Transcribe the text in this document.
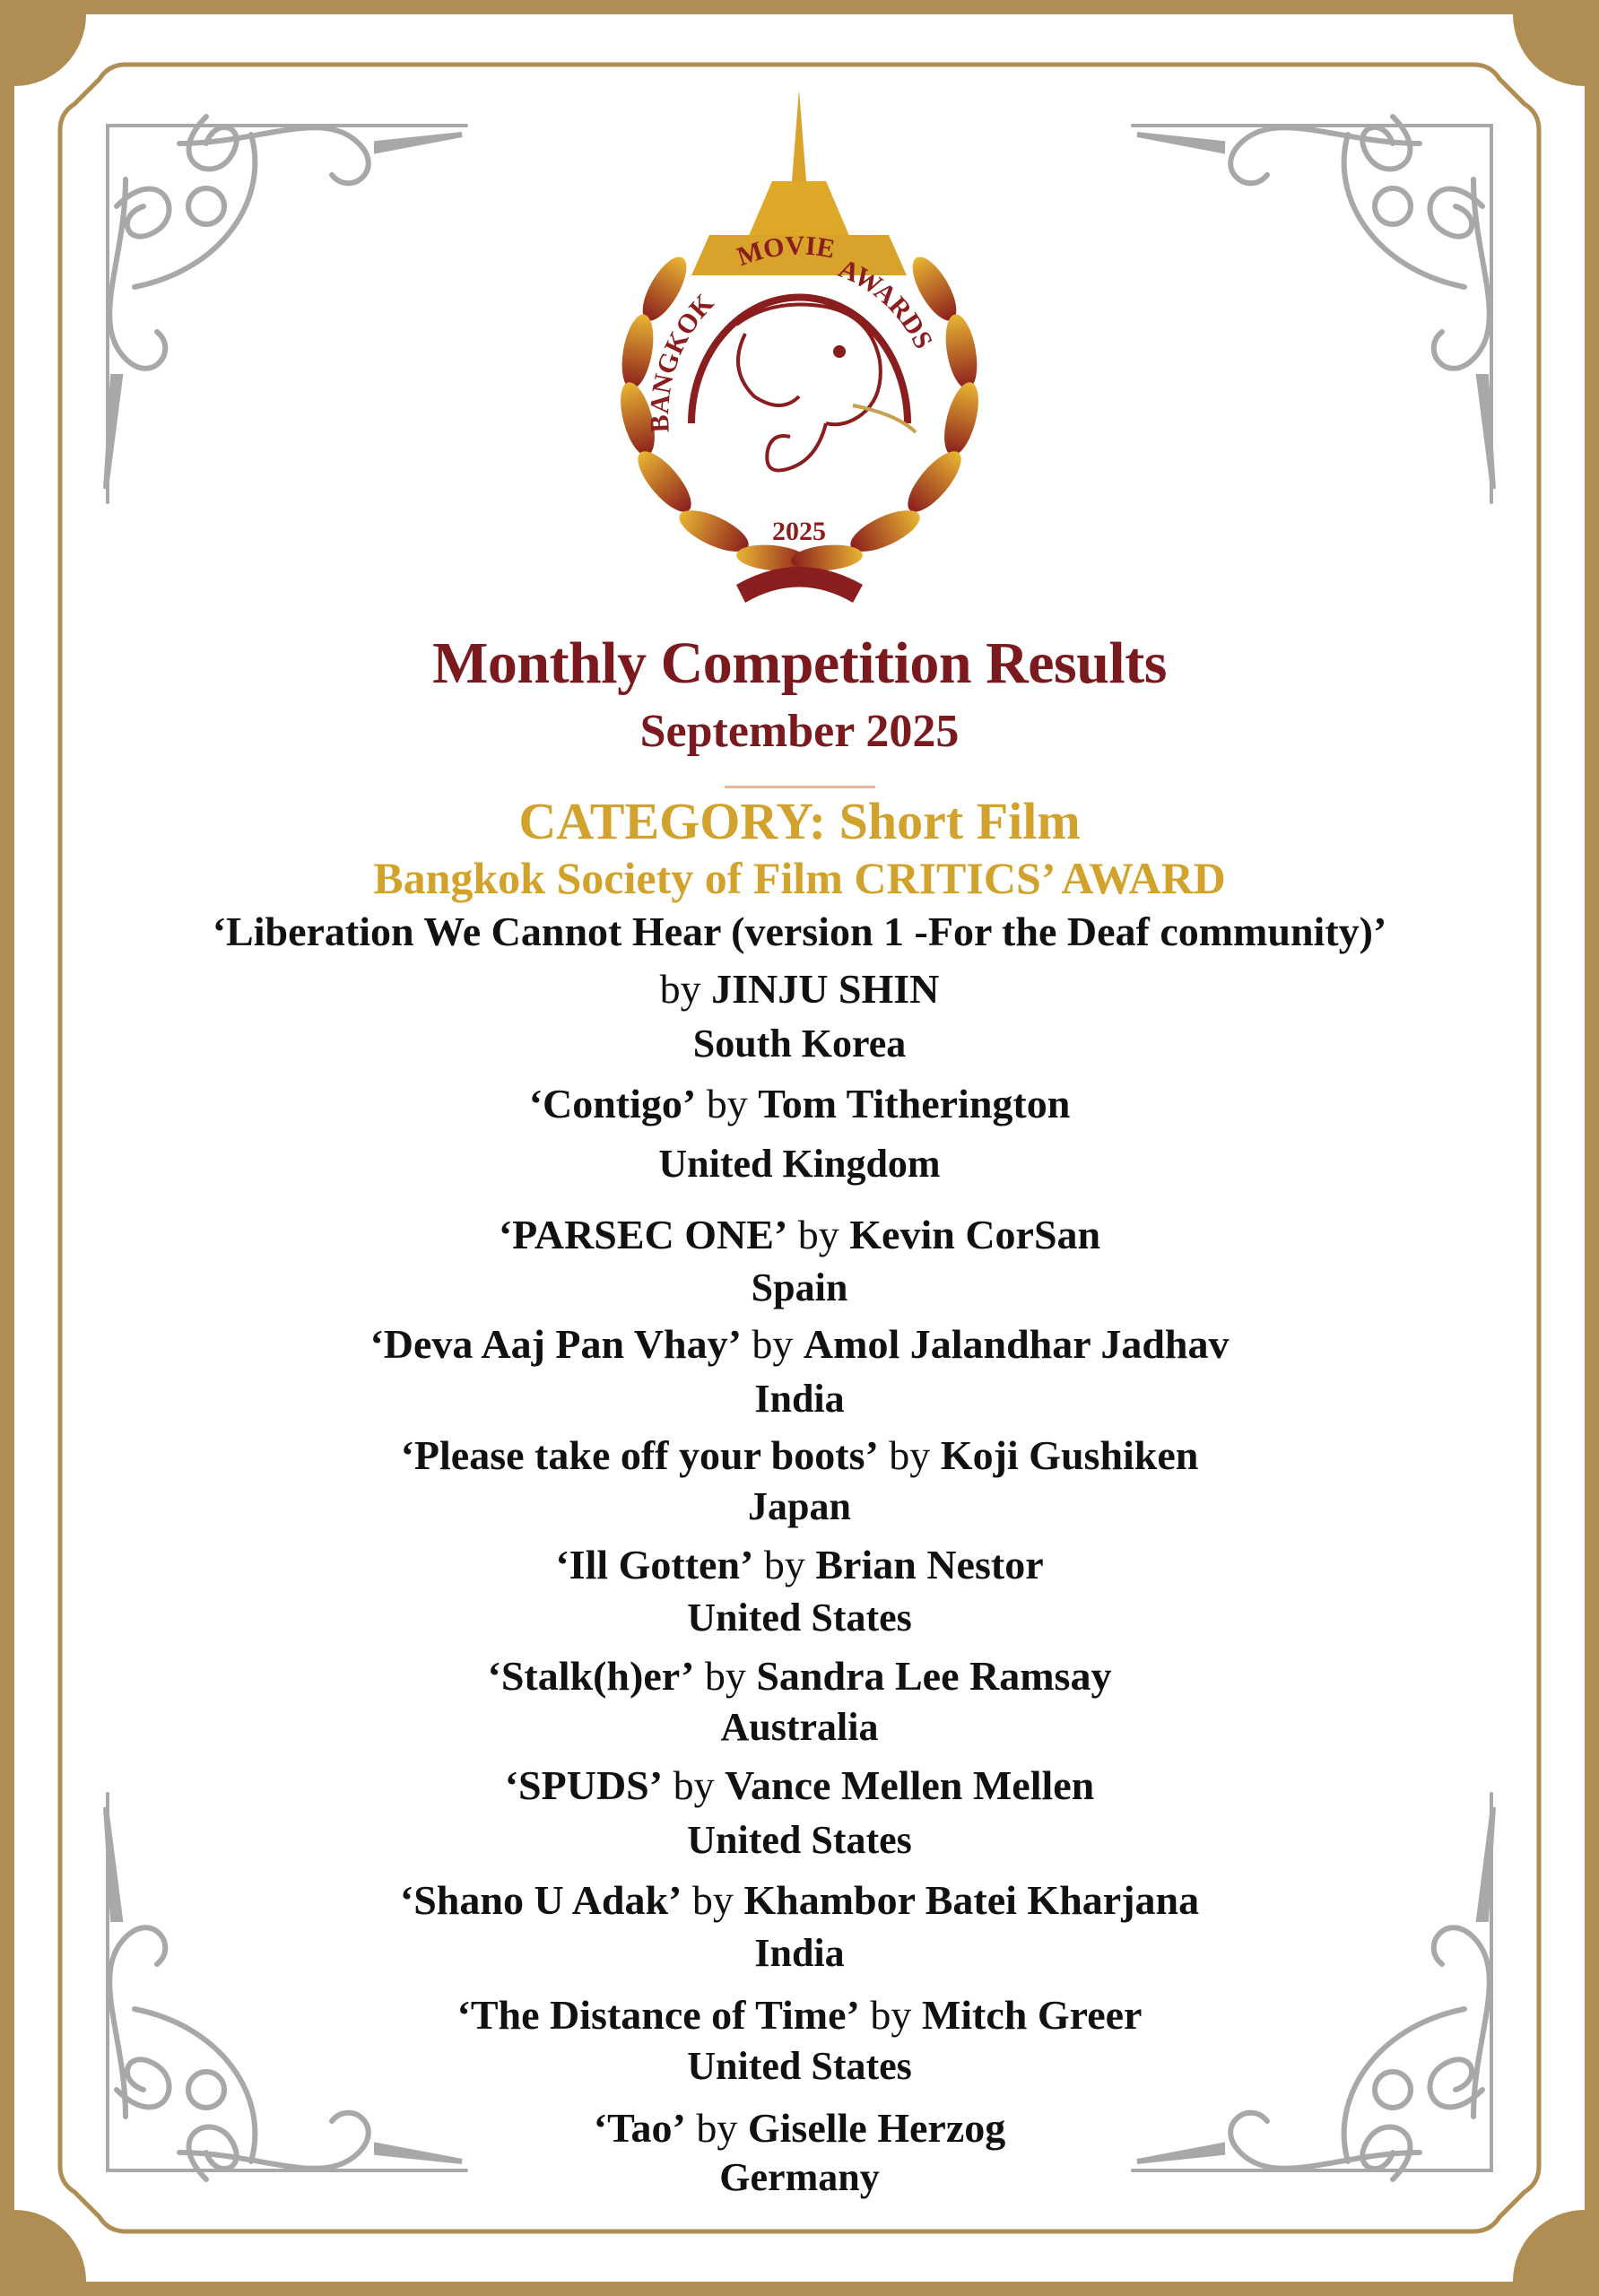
BANGKOK
MOVIE
AWARDS
2025
Monthly Competition Results
September 2025
CATEGORY: Short Film
Bangkok Society of Film CRITICS’ AWARD
‘Liberation We Cannot Hear (version 1 -For the Deaf community)’
by JINJU SHIN
South Korea
‘Contigo’ by Tom Titherington
United Kingdom
‘PARSEC ONE’ by Kevin CorSan
Spain
‘Deva Aaj Pan Vhay’ by Amol Jalandhar Jadhav
India
‘Please take off your boots’ by Koji Gushiken
Japan
‘Ill Gotten’ by Brian Nestor
United States
‘Stalk(h)er’ by Sandra Lee Ramsay
Australia
‘SPUDS’ by Vance Mellen Mellen
United States
‘Shano U Adak’ by Khambor Batei Kharjana
India
‘The Distance of Time’ by Mitch Greer
United States
‘Tao’ by Giselle Herzog
Germany
